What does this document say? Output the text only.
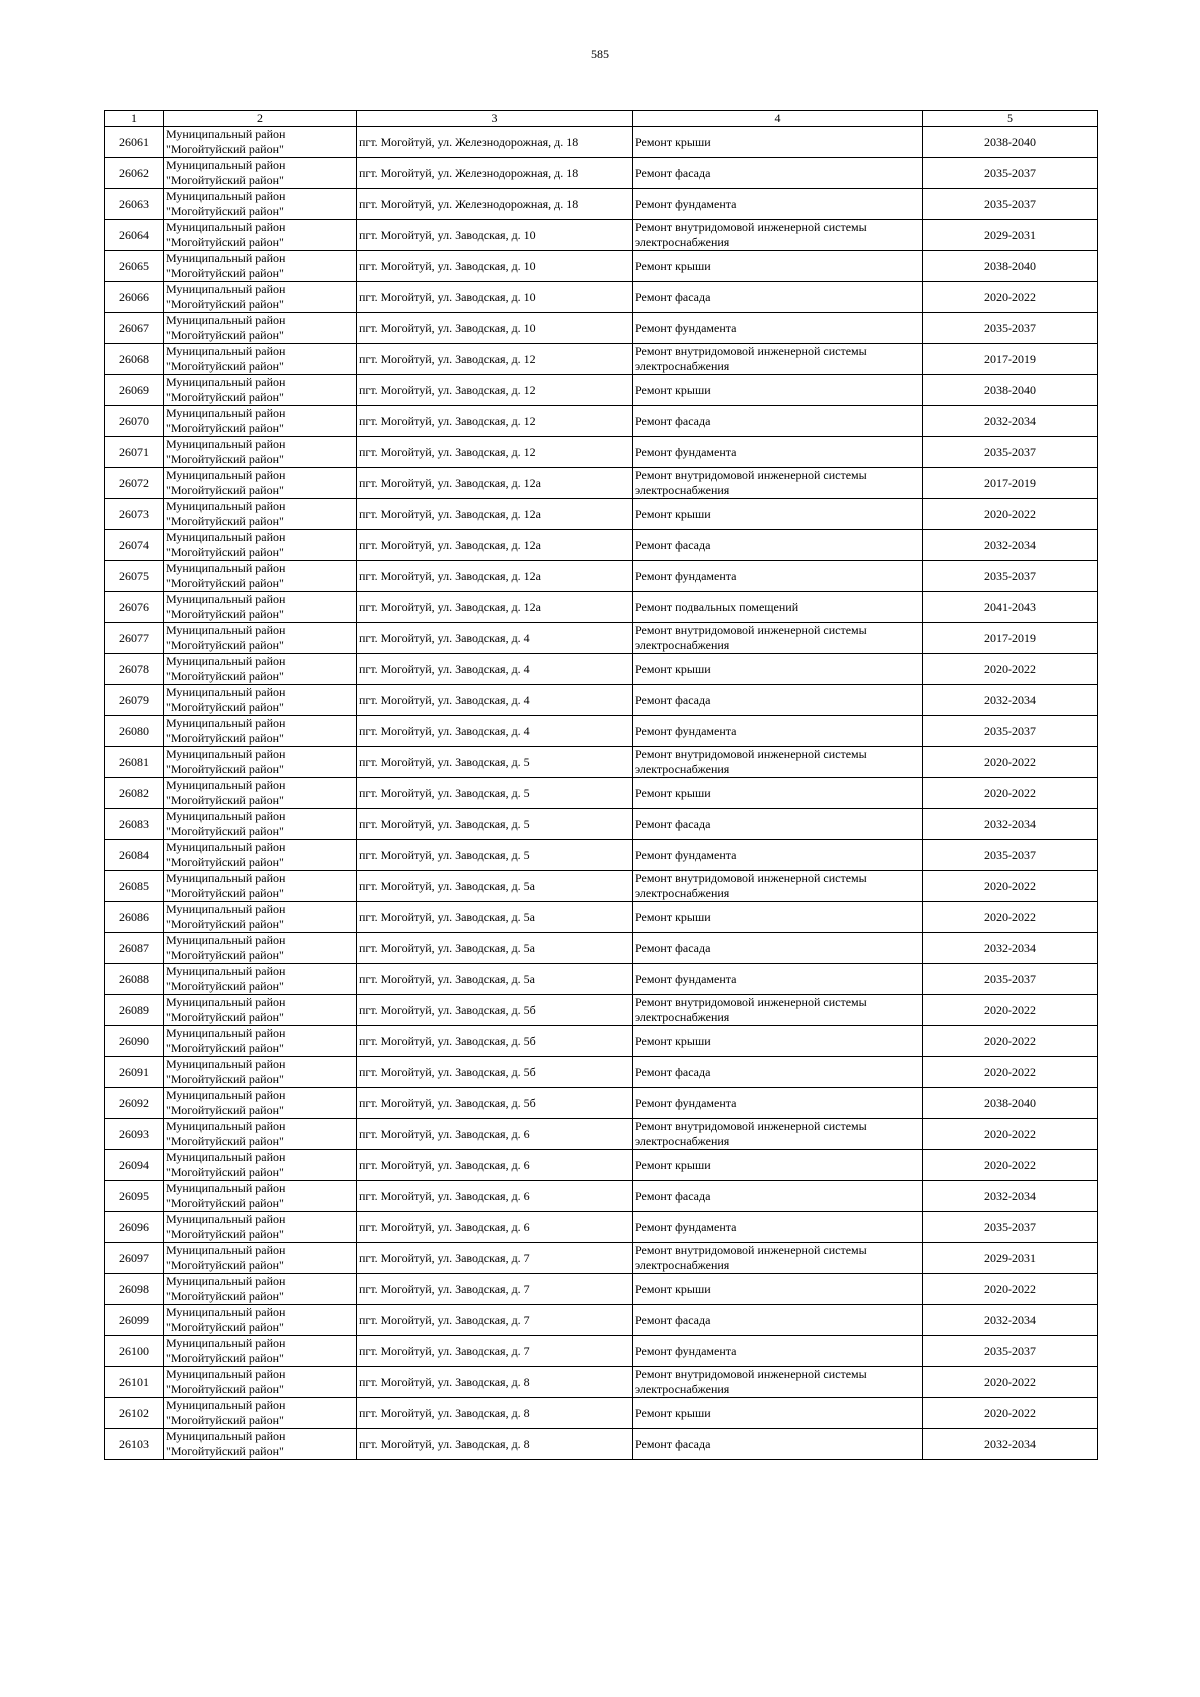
585
1	2	3	4	5
26061	Муниципальный район "Могойтуйский район"	пгт. Могойтуй, ул. Железнодорожная, д. 18	Ремонт крыши	2038-2040
26062	Муниципальный район "Могойтуйский район"	пгт. Могойтуй, ул. Железнодорожная, д. 18	Ремонт фасада	2035-2037
26063	Муниципальный район "Могойтуйский район"	пгт. Могойтуй, ул. Железнодорожная, д. 18	Ремонт фундамента	2035-2037
26064	Муниципальный район "Могойтуйский район"	пгт. Могойтуй, ул. Заводская, д. 10	Ремонт внутридомовой инженерной системы электроснабжения	2029-2031
26065	Муниципальный район "Могойтуйский район"	пгт. Могойтуй, ул. Заводская, д. 10	Ремонт крыши	2038-2040
26066	Муниципальный район "Могойтуйский район"	пгт. Могойтуй, ул. Заводская, д. 10	Ремонт фасада	2020-2022
26067	Муниципальный район "Могойтуйский район"	пгт. Могойтуй, ул. Заводская, д. 10	Ремонт фундамента	2035-2037
26068	Муниципальный район "Могойтуйский район"	пгт. Могойтуй, ул. Заводская, д. 12	Ремонт внутридомовой инженерной системы электроснабжения	2017-2019
26069	Муниципальный район "Могойтуйский район"	пгт. Могойтуй, ул. Заводская, д. 12	Ремонт крыши	2038-2040
26070	Муниципальный район "Могойтуйский район"	пгт. Могойтуй, ул. Заводская, д. 12	Ремонт фасада	2032-2034
26071	Муниципальный район "Могойтуйский район"	пгт. Могойтуй, ул. Заводская, д. 12	Ремонт фундамента	2035-2037
26072	Муниципальный район "Могойтуйский район"	пгт. Могойтуй, ул. Заводская, д. 12а	Ремонт внутридомовой инженерной системы электроснабжения	2017-2019
26073	Муниципальный район "Могойтуйский район"	пгт. Могойтуй, ул. Заводская, д. 12а	Ремонт крыши	2020-2022
26074	Муниципальный район "Могойтуйский район"	пгт. Могойтуй, ул. Заводская, д. 12а	Ремонт фасада	2032-2034
26075	Муниципальный район "Могойтуйский район"	пгт. Могойтуй, ул. Заводская, д. 12а	Ремонт фундамента	2035-2037
26076	Муниципальный район "Могойтуйский район"	пгт. Могойтуй, ул. Заводская, д. 12а	Ремонт подвальных помещений	2041-2043
26077	Муниципальный район "Могойтуйский район"	пгт. Могойтуй, ул. Заводская, д. 4	Ремонт внутридомовой инженерной системы электроснабжения	2017-2019
26078	Муниципальный район "Могойтуйский район"	пгт. Могойтуй, ул. Заводская, д. 4	Ремонт крыши	2020-2022
26079	Муниципальный район "Могойтуйский район"	пгт. Могойтуй, ул. Заводская, д. 4	Ремонт фасада	2032-2034
26080	Муниципальный район "Могойтуйский район"	пгт. Могойтуй, ул. Заводская, д. 4	Ремонт фундамента	2035-2037
26081	Муниципальный район "Могойтуйский район"	пгт. Могойтуй, ул. Заводская, д. 5	Ремонт внутридомовой инженерной системы электроснабжения	2020-2022
26082	Муниципальный район "Могойтуйский район"	пгт. Могойтуй, ул. Заводская, д. 5	Ремонт крыши	2020-2022
26083	Муниципальный район "Могойтуйский район"	пгт. Могойтуй, ул. Заводская, д. 5	Ремонт фасада	2032-2034
26084	Муниципальный район "Могойтуйский район"	пгт. Могойтуй, ул. Заводская, д. 5	Ремонт фундамента	2035-2037
26085	Муниципальный район "Могойтуйский район"	пгт. Могойтуй, ул. Заводская, д. 5а	Ремонт внутридомовой инженерной системы электроснабжения	2020-2022
26086	Муниципальный район "Могойтуйский район"	пгт. Могойтуй, ул. Заводская, д. 5а	Ремонт крыши	2020-2022
26087	Муниципальный район "Могойтуйский район"	пгт. Могойтуй, ул. Заводская, д. 5а	Ремонт фасада	2032-2034
26088	Муниципальный район "Могойтуйский район"	пгт. Могойтуй, ул. Заводская, д. 5а	Ремонт фундамента	2035-2037
26089	Муниципальный район "Могойтуйский район"	пгт. Могойтуй, ул. Заводская, д. 5б	Ремонт внутридомовой инженерной системы электроснабжения	2020-2022
26090	Муниципальный район "Могойтуйский район"	пгт. Могойтуй, ул. Заводская, д. 5б	Ремонт крыши	2020-2022
26091	Муниципальный район "Могойтуйский район"	пгт. Могойтуй, ул. Заводская, д. 5б	Ремонт фасада	2020-2022
26092	Муниципальный район "Могойтуйский район"	пгт. Могойтуй, ул. Заводская, д. 5б	Ремонт фундамента	2038-2040
26093	Муниципальный район "Могойтуйский район"	пгт. Могойтуй, ул. Заводская, д. 6	Ремонт внутридомовой инженерной системы электроснабжения	2020-2022
26094	Муниципальный район "Могойтуйский район"	пгт. Могойтуй, ул. Заводская, д. 6	Ремонт крыши	2020-2022
26095	Муниципальный район "Могойтуйский район"	пгт. Могойтуй, ул. Заводская, д. 6	Ремонт фасада	2032-2034
26096	Муниципальный район "Могойтуйский район"	пгт. Могойтуй, ул. Заводская, д. 6	Ремонт фундамента	2035-2037
26097	Муниципальный район "Могойтуйский район"	пгт. Могойтуй, ул. Заводская, д. 7	Ремонт внутридомовой инженерной системы электроснабжения	2029-2031
26098	Муниципальный район "Могойтуйский район"	пгт. Могойтуй, ул. Заводская, д. 7	Ремонт крыши	2020-2022
26099	Муниципальный район "Могойтуйский район"	пгт. Могойтуй, ул. Заводская, д. 7	Ремонт фасада	2032-2034
26100	Муниципальный район "Могойтуйский район"	пгт. Могойтуй, ул. Заводская, д. 7	Ремонт фундамента	2035-2037
26101	Муниципальный район "Могойтуйский район"	пгт. Могойтуй, ул. Заводская, д. 8	Ремонт внутридомовой инженерной системы электроснабжения	2020-2022
26102	Муниципальный район "Могойтуйский район"	пгт. Могойтуй, ул. Заводская, д. 8	Ремонт крыши	2020-2022
26103	Муниципальный район "Могойтуйский район"	пгт. Могойтуй, ул. Заводская, д. 8	Ремонт фасада	2032-2034
